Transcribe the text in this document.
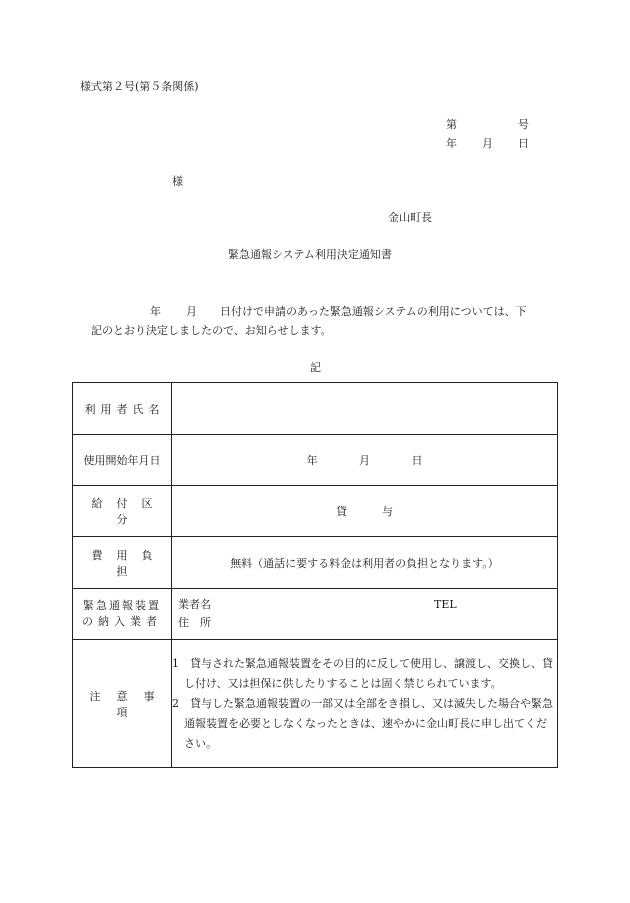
様式第２号(第５条関係)
第	号
年 月 日
様
金山町長
緊急通報システム利用決定通知書
年 月 日付けで申請のあった緊急通報システムの利用については、下
記のとおり決定しましたので、お知らせします。
記
利用者氏名	
使用開始年月日	年 月 日
給付区分	貸　与
費用負担	無料（通話に要する料金は利用者の負担となります。）
緊急通報装置
の納入業者	業者名 TEL

住　所
注意事項	1　貸与された緊急通報装置をその目的に反して使用し、譲渡し、交換し、貸し付け、又は担保に供したりすることは固く禁じられています。

2　貸与した緊急通報装置の一部又は全部をき損し、又は滅失した場合や緊急通報装置を必要としなくなったときは、速やかに金山町長に申し出てください。
